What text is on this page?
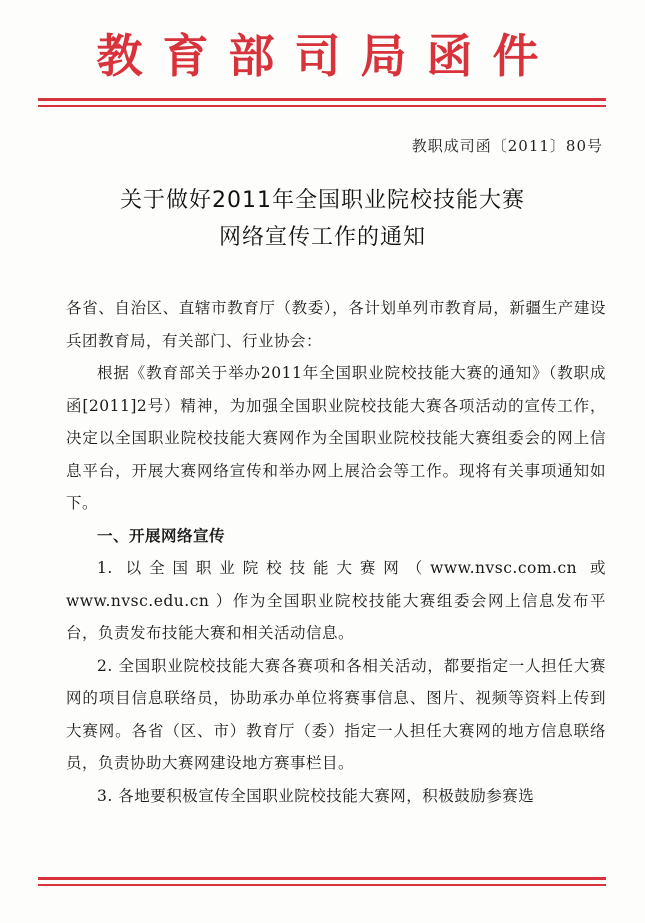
教育部司局函件
教职成司函〔2011〕80号
关于做好2011年全国职业院校技能大赛
网络宣传工作的通知

各省、自治区、直辖市教育厅（教委），各计划单列市教育局，新疆生产建设兵团教育局，有关部门、行业协会：

根据《教育部关于举办2011年全国职业院校技能大赛的通知》（教职成函[2011]2号）精神，为加强全国职业院校技能大赛各项活动的宣传工作，决定以全国职业院校技能大赛网作为全国职业院校技能大赛组委会的网上信息平台，开展大赛网络宣传和举办网上展洽会等工作。现将有关事项通知如下。

一、开展网络宣传

1. 以全国职业院校技能大赛网（www.nvsc.com.cn 或 www.nvsc.edu.cn ）作为全国职业院校技能大赛组委会网上信息发布平台，负责发布技能大赛和相关活动信息。

2. 全国职业院校技能大赛各赛项和各相关活动，都要指定一人担任大赛网的项目信息联络员，协助承办单位将赛事信息、图片、视频等资料上传到大赛网。各省（区、市）教育厅（委）指定一人担任大赛网的地方信息联络员，负责协助大赛网建设地方赛事栏目。

3. 各地要积极宣传全国职业院校技能大赛网，积极鼓励参赛选
